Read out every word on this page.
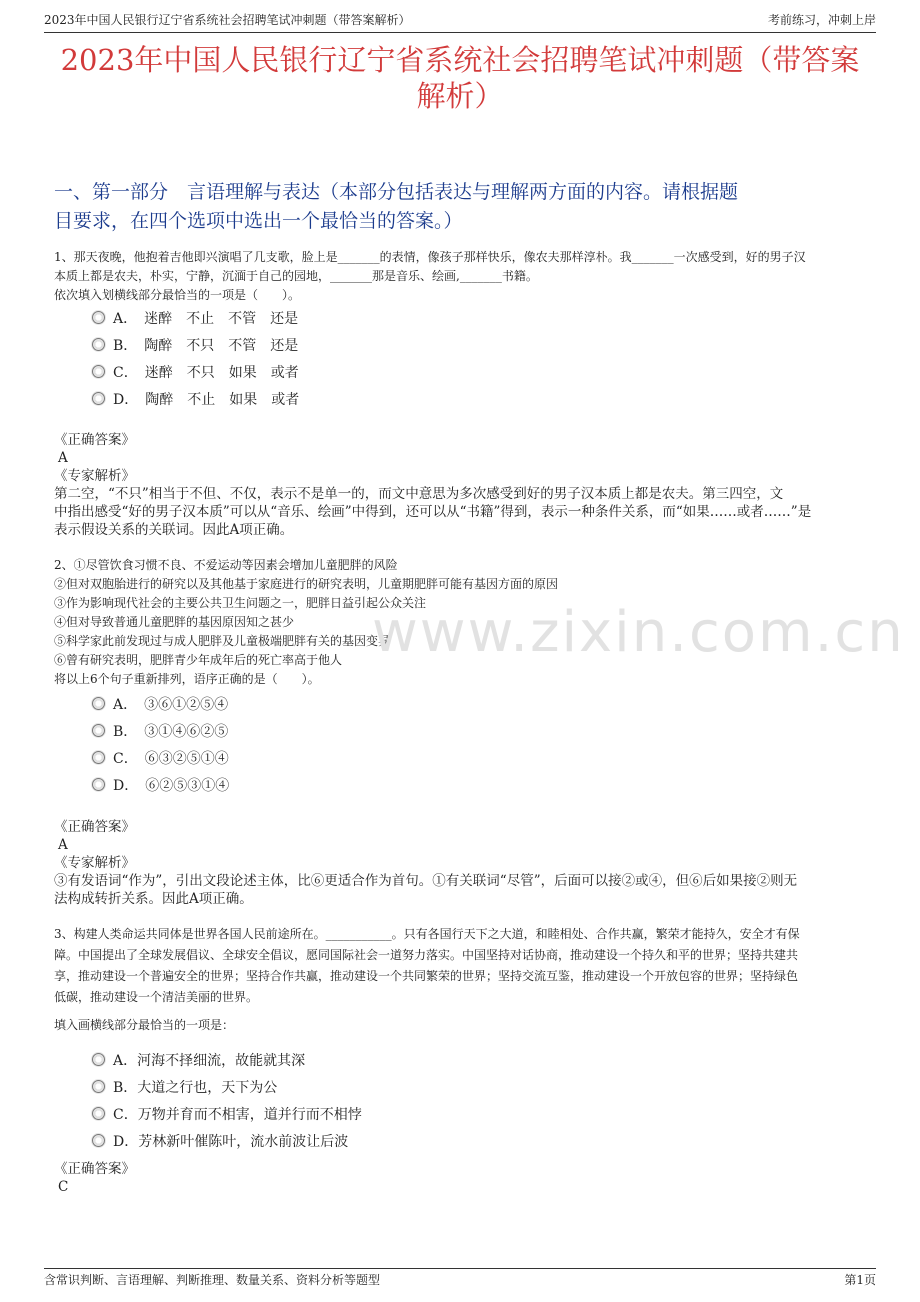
2023年中国人民银行辽宁省系统社会招聘笔试冲刺题（带答案解析）	考前练习，冲刺上岸
2023年中国人民银行辽宁省系统社会招聘笔试冲刺题（带答案
解析）
一、第一部分　言语理解与表达（本部分包括表达与理解两方面的内容。请根据题
目要求，在四个选项中选出一个最恰当的答案。）

1、那天夜晚，他抱着吉他即兴演唱了几支歌，脸上是_______的表情，像孩子那样快乐，像农夫那样淳朴。我_______一次感受到，好的男子汉

本质上都是农夫，朴实，宁静，沉湎于自己的园地，_______那是音乐、绘画,_______书籍。

依次填入划横线部分最恰当的一项是（　　）。

A．　迷醉　不止　不管　还是
B．　陶醉　不只　不管　还是
C．　迷醉　不只　如果　或者
D．　陶醉　不止　如果　或者

《正确答案》

A

《专家解析》

第二空，“不只”相当于不但、不仅，表示不是单一的，而文中意思为多次感受到好的男子汉本质上都是农夫。第三四空，文

中指出感受“好的男子汉本质”可以从“音乐、绘画”中得到，还可以从“书籍”得到，表示一种条件关系，而“如果……或者……”是

表示假设关系的关联词。因此A项正确。

2、①尽管饮食习惯不良、不爱运动等因素会增加儿童肥胖的风险

②但对双胞胎进行的研究以及其他基于家庭进行的研究表明，儿童期肥胖可能有基因方面的原因

③作为影响现代社会的主要公共卫生问题之一，肥胖日益引起公众关注

④但对导致普通儿童肥胖的基因原因知之甚少

⑤科学家此前发现过与成人肥胖及儿童极端肥胖有关的基因变异

⑥曾有研究表明，肥胖青少年成年后的死亡率高于他人

将以上6个句子重新排列，语序正确的是（　　）。

A．　③⑥①②⑤④
B．　③①④⑥②⑤
C．　⑥③②⑤①④
D．　⑥②⑤③①④

《正确答案》

A

《专家解析》

③有发语词“作为”，引出文段论述主体，比⑥更适合作为首句。①有关联词“尽管”，后面可以接②或④，但⑥后如果接②则无

法构成转折关系。因此A项正确。

3、构建人类命运共同体是世界各国人民前途所在。___________。只有各国行天下之大道，和睦相处、合作共赢，繁荣才能持久，安全才有保

障。中国提出了全球发展倡议、全球安全倡议，愿同国际社会一道努力落实。中国坚持对话协商，推动建设一个持久和平的世界；坚持共建共

享，推动建设一个普遍安全的世界；坚持合作共赢，推动建设一个共同繁荣的世界；坚持交流互鉴，推动建设一个开放包容的世界；坚持绿色

低碳，推动建设一个清洁美丽的世界。

填入画横线部分最恰当的一项是：
A．河海不择细流，故能就其深
B．大道之行也，天下为公
C．万物并育而不相害，道并行而不相悖
D．芳林新叶催陈叶，流水前波让后波

《正确答案》

C

www.zixin.com.cn
含常识判断、言语理解、判断推理、数量关系、资料分析等题型	第1页
